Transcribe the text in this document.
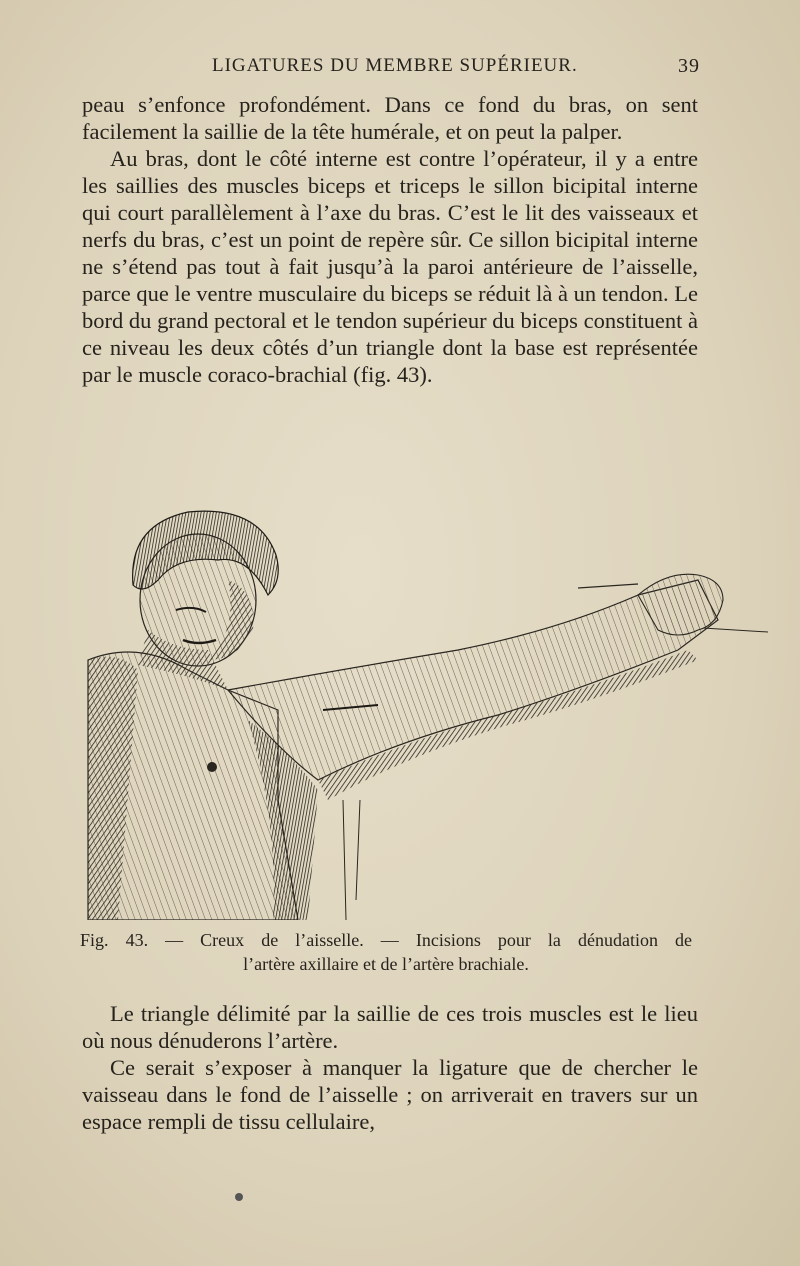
LIGATURES DU MEMBRE SUPÉRIEUR.	39

peau s’enfonce profondément. Dans ce fond du bras, on sent facilement la saillie de la tête humérale, et on peut la palper.

Au bras, dont le côté interne est contre l’opérateur, il y a entre les saillies des muscles biceps et triceps le sillon bicipital interne qui court parallèlement à l’axe du bras. C’est le lit des vaisseaux et nerfs du bras, c’est un point de repère sûr. Ce sillon bicipital interne ne s’étend pas tout à fait jusqu’à la paroi antérieure de l’aisselle, parce que le ventre musculaire du biceps se réduit là à un tendon. Le bord du grand pectoral et le tendon supérieur du biceps constituent à ce niveau les deux côtés d’un triangle dont la base est représentée par le muscle coraco-brachial (fig. 43).

Fig. 43. — Creux de l’aisselle. — Incisions pour la dénudation de
l’artère axillaire et de l’artère brachiale.

Le triangle délimité par la saillie de ces trois muscles est le lieu où nous dénuderons l’artère.

Ce serait s’exposer à manquer la ligature que de chercher le vaisseau dans le fond de l’aisselle ; on arriverait en travers sur un espace rempli de tissu cellulaire,
